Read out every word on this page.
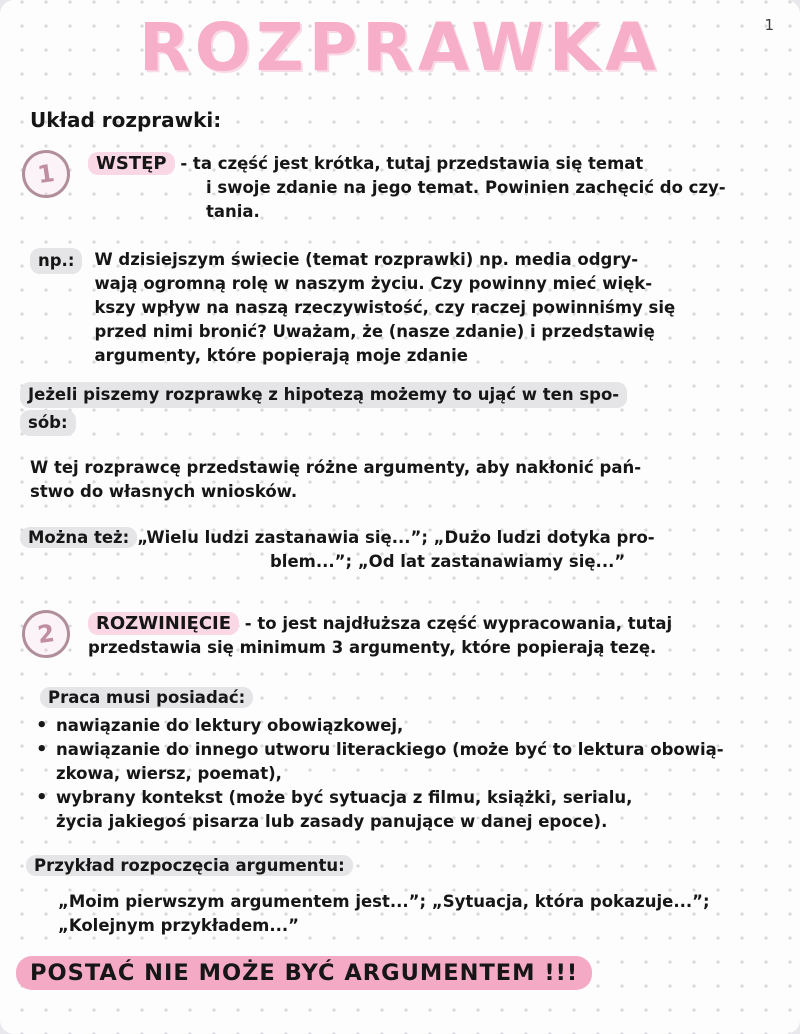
1
ROZPRAWKA
Układ rozprawki:
1	WSTĘP - ta część jest krótka, tutaj przedstawia się temat
i swoje zdanie na jego temat. Powinien zachęcić do czy-
tania.
np.:	W dzisiejszym świecie (temat rozprawki) np. media odgry-
wają ogromną rolę w naszym życiu. Czy powinny mieć więk-
kszy wpływ na naszą rzeczywistość, czy raczej powinniśmy się
przed nimi bronić? Uważam, że (nasze zdanie) i przedstawię
argumenty, które popierają moje zdanie
Jeżeli piszemy rozprawkę z hipotezą możemy to ująć w ten spo-
sób:
W tej rozprawcę przedstawię różne argumenty, aby nakłonić pań-
stwo do własnych wniosków.
Można też: „Wielu ludzi zastanawia się...”; „Dużo ludzi dotyka pro-
blem...”; „Od lat zastanawiamy się...”
2	ROZWINIĘCIE - to jest najdłuższa część wypracowania, tutaj
przedstawia się minimum 3 argumenty, które popierają tezę.
Praca musi posiadać:
• nawiązanie do lektury obowiązkowej,
• nawiązanie do innego utworu literackiego (może być to lektura obowią-
zkowa, wiersz, poemat),
• wybrany kontekst (może być sytuacja z filmu, książki, serialu,
życia jakiegoś pisarza lub zasady panujące w danej epoce).
Przykład rozpoczęcia argumentu:
„Moim pierwszym argumentem jest...”; „Sytuacja, która pokazuje...”;
„Kolejnym przykładem...”
POSTAĆ NIE MOŻE BYĆ ARGUMENTEM !!!
